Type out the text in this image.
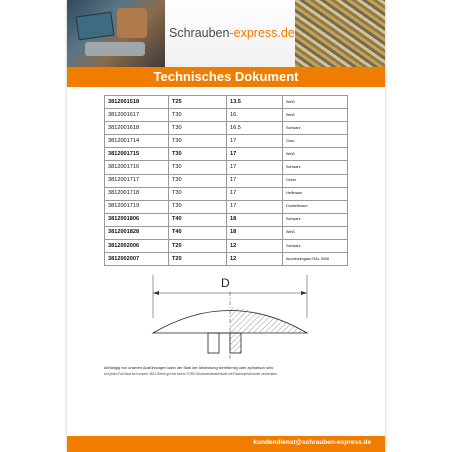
Schrauben-express.de
Technisches Dokument
3812001518	T25	13.5	Weiß
3812001617	T30	16.	Weiß
3812001618	T30	16.5	Schwarz
3812001714	T30	17	Grau
3812001715	T30	17	Weiß
3812001716	T30	17	Schwarz
3812001717	T30	17	Ocker
3812001718	T30	17	Hellbraun
3812001719	T30	17	Dunkelbraun
3812001806	T40	18	Schwarz
3812001828	T40	18	Weiß
3812002006	T20	12	Schwarz
3812002007	T20	12	Aluminiumgrau RAL 9006
D
Abhängig von unseren Ausführungen kann der Stab der Abdeckung sternförmig oder zylindrisch sein.
Auf jeden Fall lässt sich unsere 3812-Reihe gut mit einem TORX-Steckschlüsseleinsatz mit Flachkopfschraube verwenden.
kundendienst@schrauben-express.de
